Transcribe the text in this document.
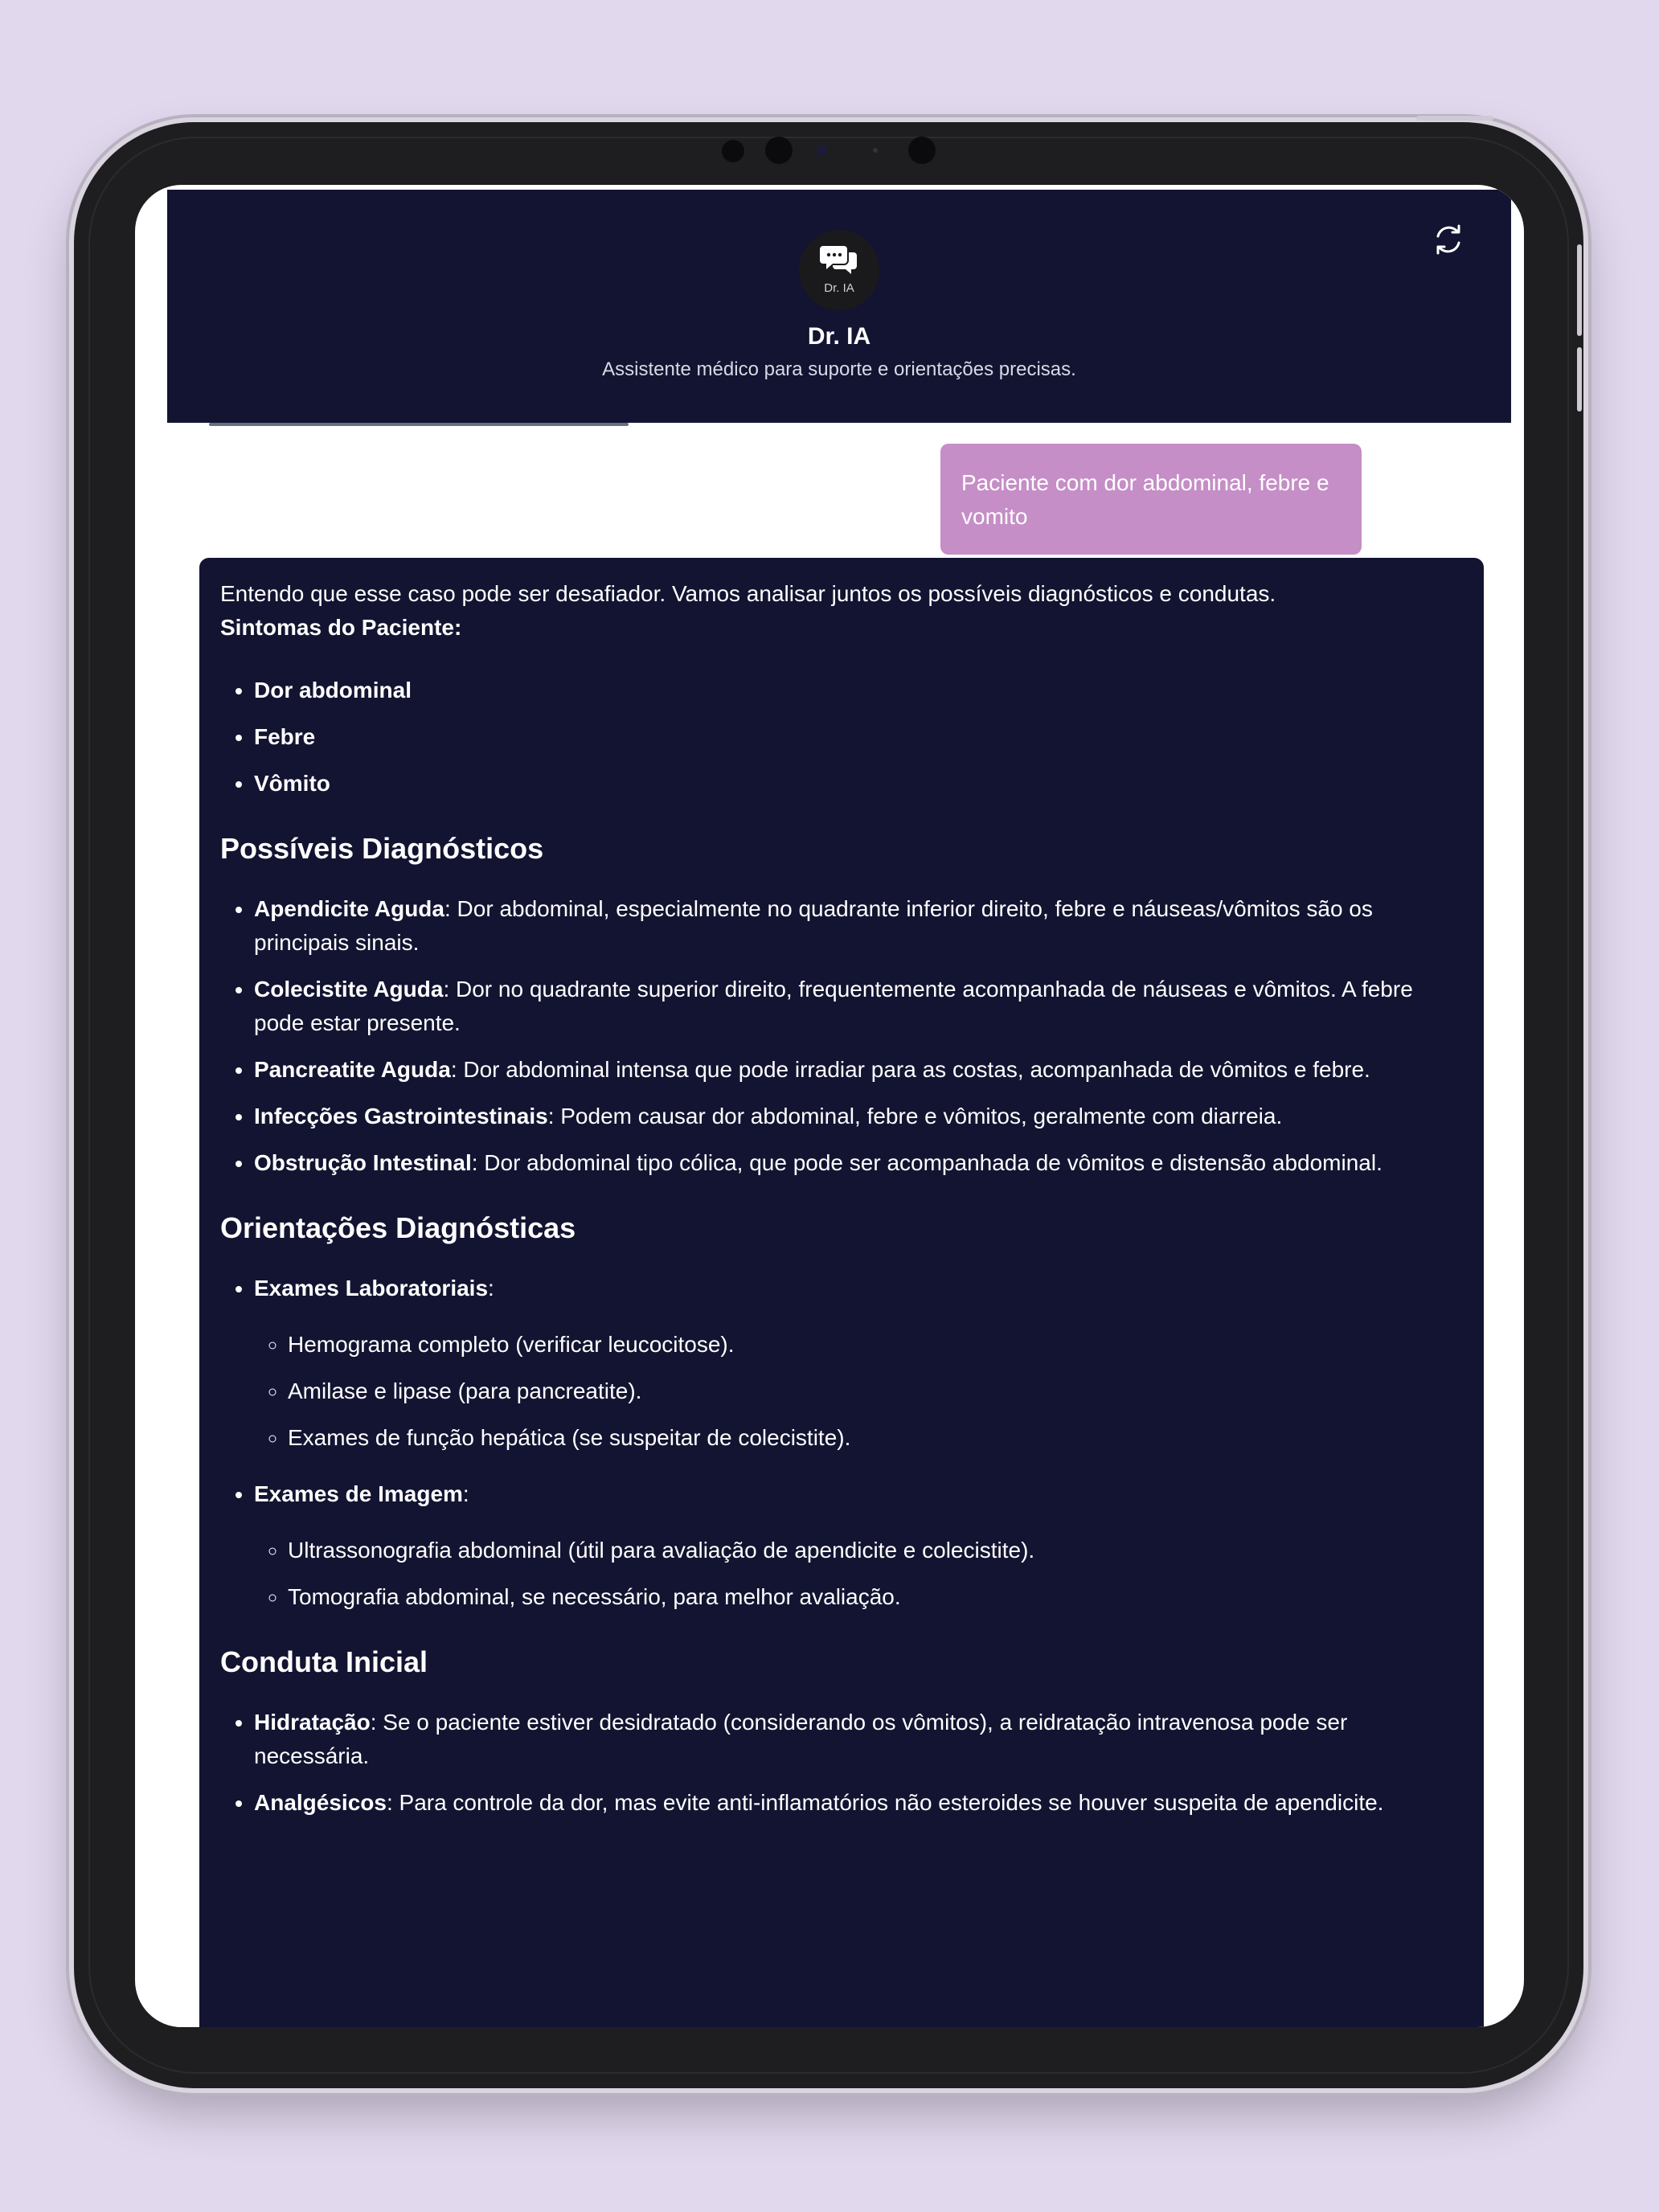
Dr. IA
Dr. IA
Assistente médico para suporte e orientações precisas.
Paciente com dor abdominal, febre e vomito

Entendo que esse caso pode ser desafiador. Vamos analisar juntos os possíveis diagnósticos e condutas.

Sintomas do Paciente:

• Dor abdominal
• Febre
• Vômito
Possíveis Diagnósticos
• Apendicite Aguda: Dor abdominal, especialmente no quadrante inferior direito, febre e náuseas/vômitos são os principais sinais.
• Colecistite Aguda: Dor no quadrante superior direito, frequentemente acompanhada de náuseas e vômitos. A febre pode estar presente.
• Pancreatite Aguda: Dor abdominal intensa que pode irradiar para as costas, acompanhada de vômitos e febre.
• Infecções Gastrointestinais: Podem causar dor abdominal, febre e vômitos, geralmente com diarreia.
• Obstrução Intestinal: Dor abdominal tipo cólica, que pode ser acompanhada de vômitos e distensão abdominal.
Orientações Diagnósticas
• Exames Laboratoriais:
◦ Hemograma completo (verificar leucocitose).
◦ Amilase e lipase (para pancreatite).
◦ Exames de função hepática (se suspeitar de colecistite).
• Exames de Imagem:
◦ Ultrassonografia abdominal (útil para avaliação de apendicite e colecistite).
◦ Tomografia abdominal, se necessário, para melhor avaliação.
Conduta Inicial
• Hidratação: Se o paciente estiver desidratado (considerando os vômitos), a reidratação intravenosa pode ser necessária.
• Analgésicos: Para controle da dor, mas evite anti-inflamatórios não esteroides se houver suspeita de apendicite.
